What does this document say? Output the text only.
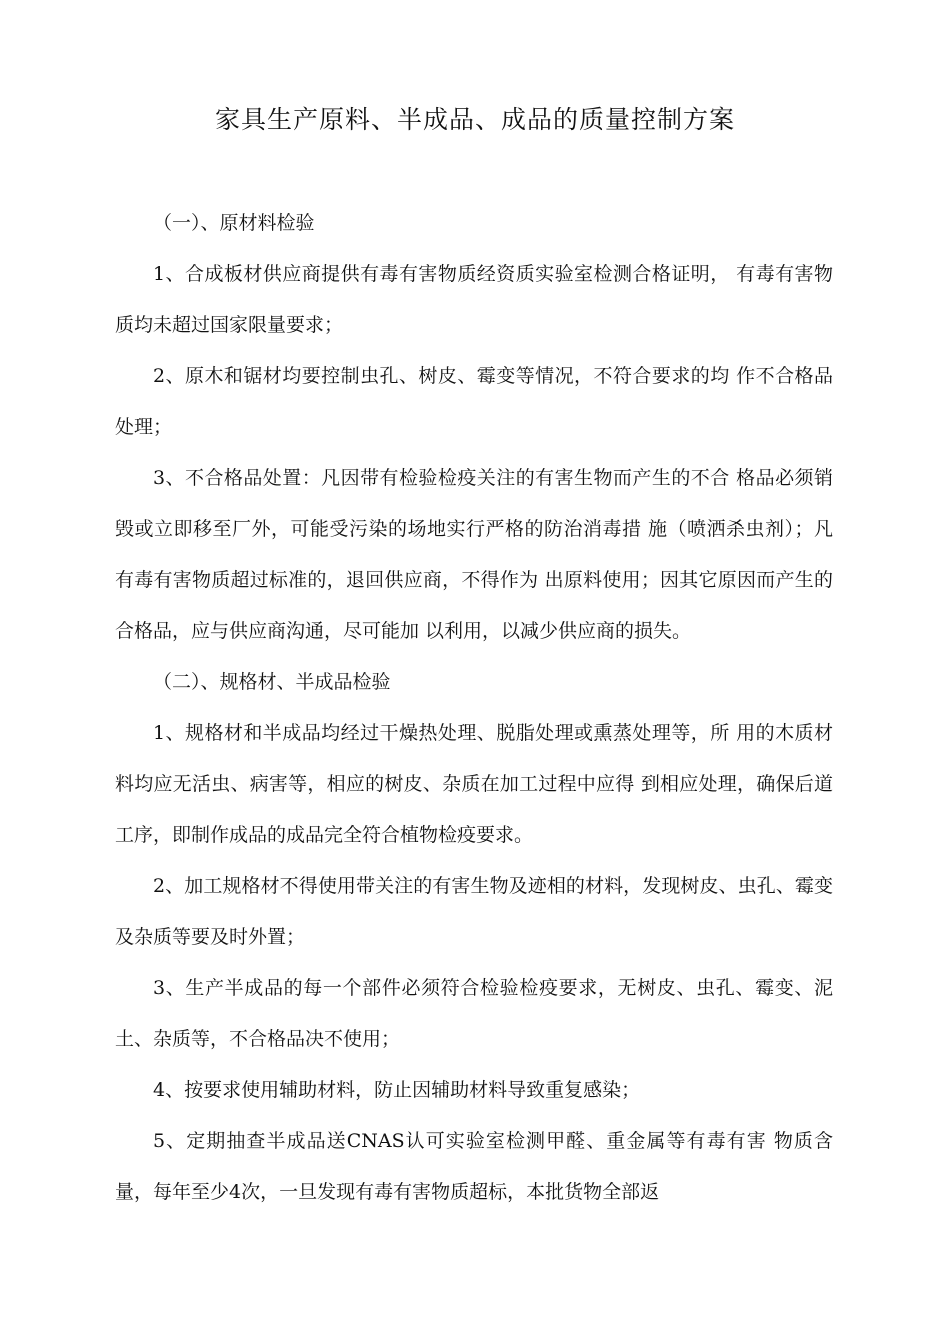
家具生产原料、半成品、成品的质量控制方案

（一）、原材料检验

1、合成板材供应商提供有毒有害物质经资质实验室检测合格证明， 有毒有害物质均未超过国家限量要求；

2、原木和锯材均要控制虫孔、树皮、霉变等情况，不符合要求的均 作不合格品处理；

3、不合格品处置：凡因带有检验检疫关注的有害生物而产生的不合 格品必须销毁或立即移至厂外，可能受污染的场地实行严格的防治消毒措 施（喷洒杀虫剂）；凡有毒有害物质超过标准的，退回供应商，不得作为 出原料使用；因其它原因而产生的合格品，应与供应商沟通，尽可能加 以利用，以减少供应商的损失。

（二）、规格材、半成品检验

1、规格材和半成品均经过干燥热处理、脱脂处理或熏蒸处理等，所 用的木质材料均应无活虫、病害等，相应的树皮、杂质在加工过程中应得 到相应处理，确保后道工序，即制作成品的成品完全符合植物检疫要求。

2、加工规格材不得使用带关注的有害生物及迹相的材料，发现树皮、虫孔、霉变及杂质等要及时外置；

3、生产半成品的每一个部件必须符合检验检疫要求，无树皮、虫孔、霉变、泥土、杂质等，不合格品决不使用；

4、按要求使用辅助材料，防止因辅助材料导致重复感染；

5、定期抽查半成品送CNAS认可实验室检测甲醛、重金属等有毒有害 物质含量，每年至少4次，一旦发现有毒有害物质超标，本批货物全部返
